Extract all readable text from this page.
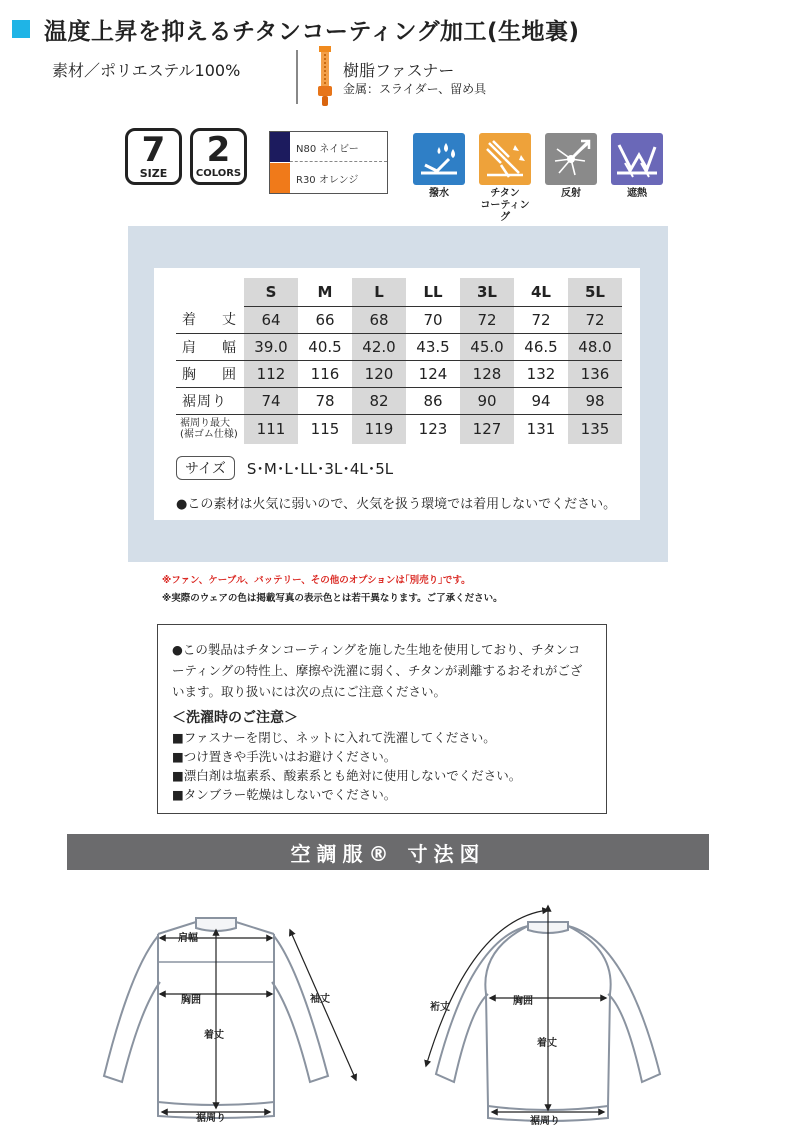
温度上昇を抑えるチタンコーティング加工(生地裏)
素材／ポリエステル100%	樹脂ファスナー
金属：スライダー、留め具
7
SIZE
2
COLORS
N80 ネイビー
R30 オレンジ
撥水	チタン
コーティング
反射	遮熱
	S	M	L	LL	3L	4L	5L
着　丈	64	66	68	70	72	72	72
肩　幅	39.0	40.5	42.0	43.5	45.0	46.5	48.0
胸　囲	112	116	120	124	128	132	136
裾周り	74	78	82	86	90	94	98

裾周り最大
(裾ゴム仕様)	111	115	119	123	127	131	135
サイズ	S･M･L･LL･3L･4L･5L
●この素材は火気に弱いので、火気を扱う環境では着用しないでください。
※ファン、ケーブル、バッテリー、その他のオプションは｢別売り｣です。
※実際のウェアの色は掲載写真の表示色とは若干異なります。ご了承ください。
●この製品はチタンコーティングを施した生地を使用しており、チタンコーティングの特性上、摩擦や洗濯に弱く、チタンが剥離するおそれがございます。取り扱いには次の点にご注意ください。
＜洗濯時のご注意＞
■ファスナーを閉じ、ネットに入れて洗濯してください。
■つけ置きや手洗いはお避けください。
■漂白剤は塩素系、酸素系とも絶対に使用しないでください。
■タンブラー乾燥はしないでください。
空調服® 寸法図
肩幅
胸囲
着丈
袖丈
裾周り
裄丈
胸囲
着丈
裾周り
